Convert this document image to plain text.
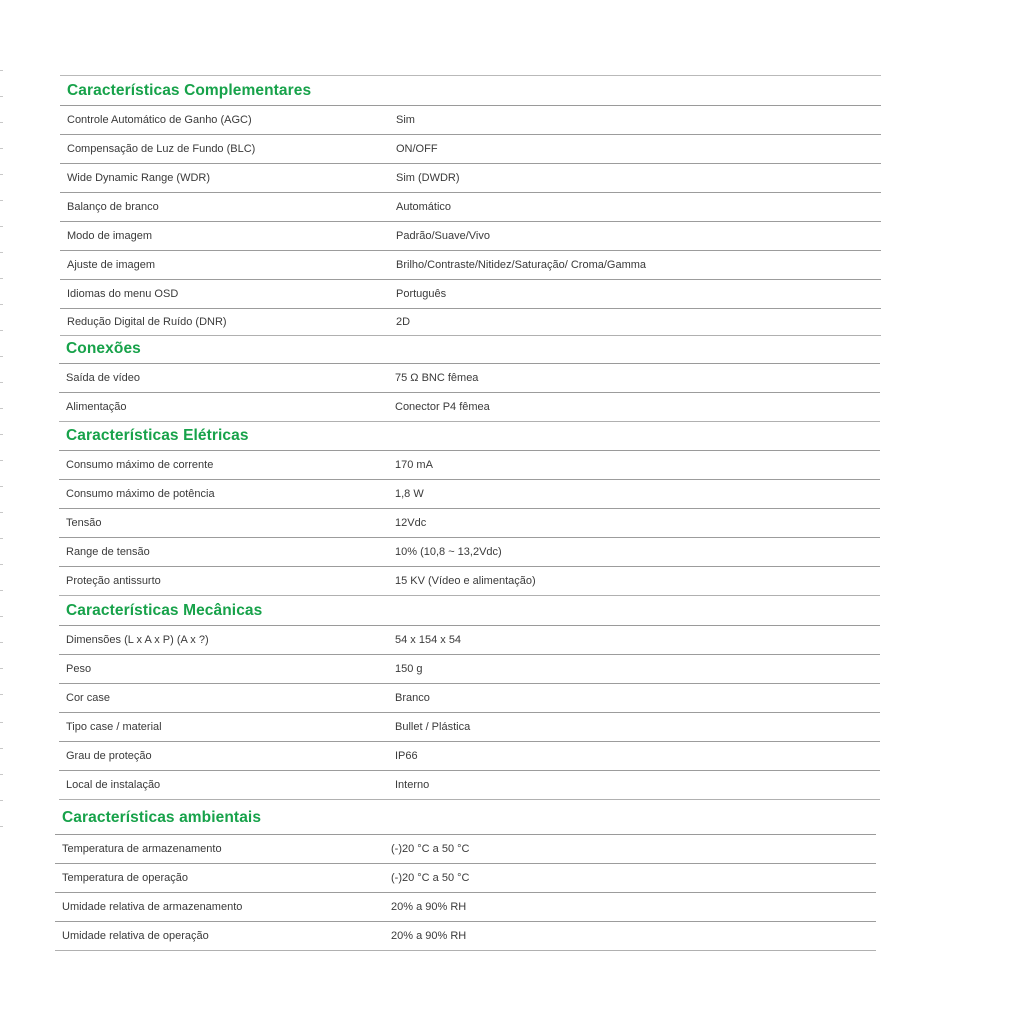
Características Complementares
Controle Automático de Ganho (AGC)	Sim
Compensação de Luz de Fundo (BLC)	ON/OFF
Wide Dynamic Range (WDR)	Sim (DWDR)
Balanço de branco	Automático
Modo de imagem	Padrão/Suave/Vivo
Ajuste de imagem	Brilho/Contraste/Nitidez/Saturação/ Croma/Gamma
Idiomas do menu OSD	Português
Redução Digital de Ruído (DNR)	2D
Conexões
Saída de vídeo	75 Ω BNC fêmea
Alimentação	Conector P4 fêmea
Características Elétricas
Consumo máximo de corrente	170 mA
Consumo máximo de potência	1,8 W
Tensão	12Vdc
Range de tensão	10% (10,8 ~ 13,2Vdc)
Proteção antissurto	15 KV (Vídeo e alimentação)
Características Mecânicas
Dimensões (L x A x P) (A x ?)	54 x 154 x 54
Peso	150 g
Cor case	Branco
Tipo case / material	Bullet / Plástica
Grau de proteção	IP66
Local de instalação	Interno
Características ambientais
Temperatura de armazenamento	(-)20 °C a 50 °C
Temperatura de operação	(-)20 °C a 50 °C
Umidade relativa de armazenamento	20% a 90% RH
Umidade relativa de operação	20% a 90% RH
